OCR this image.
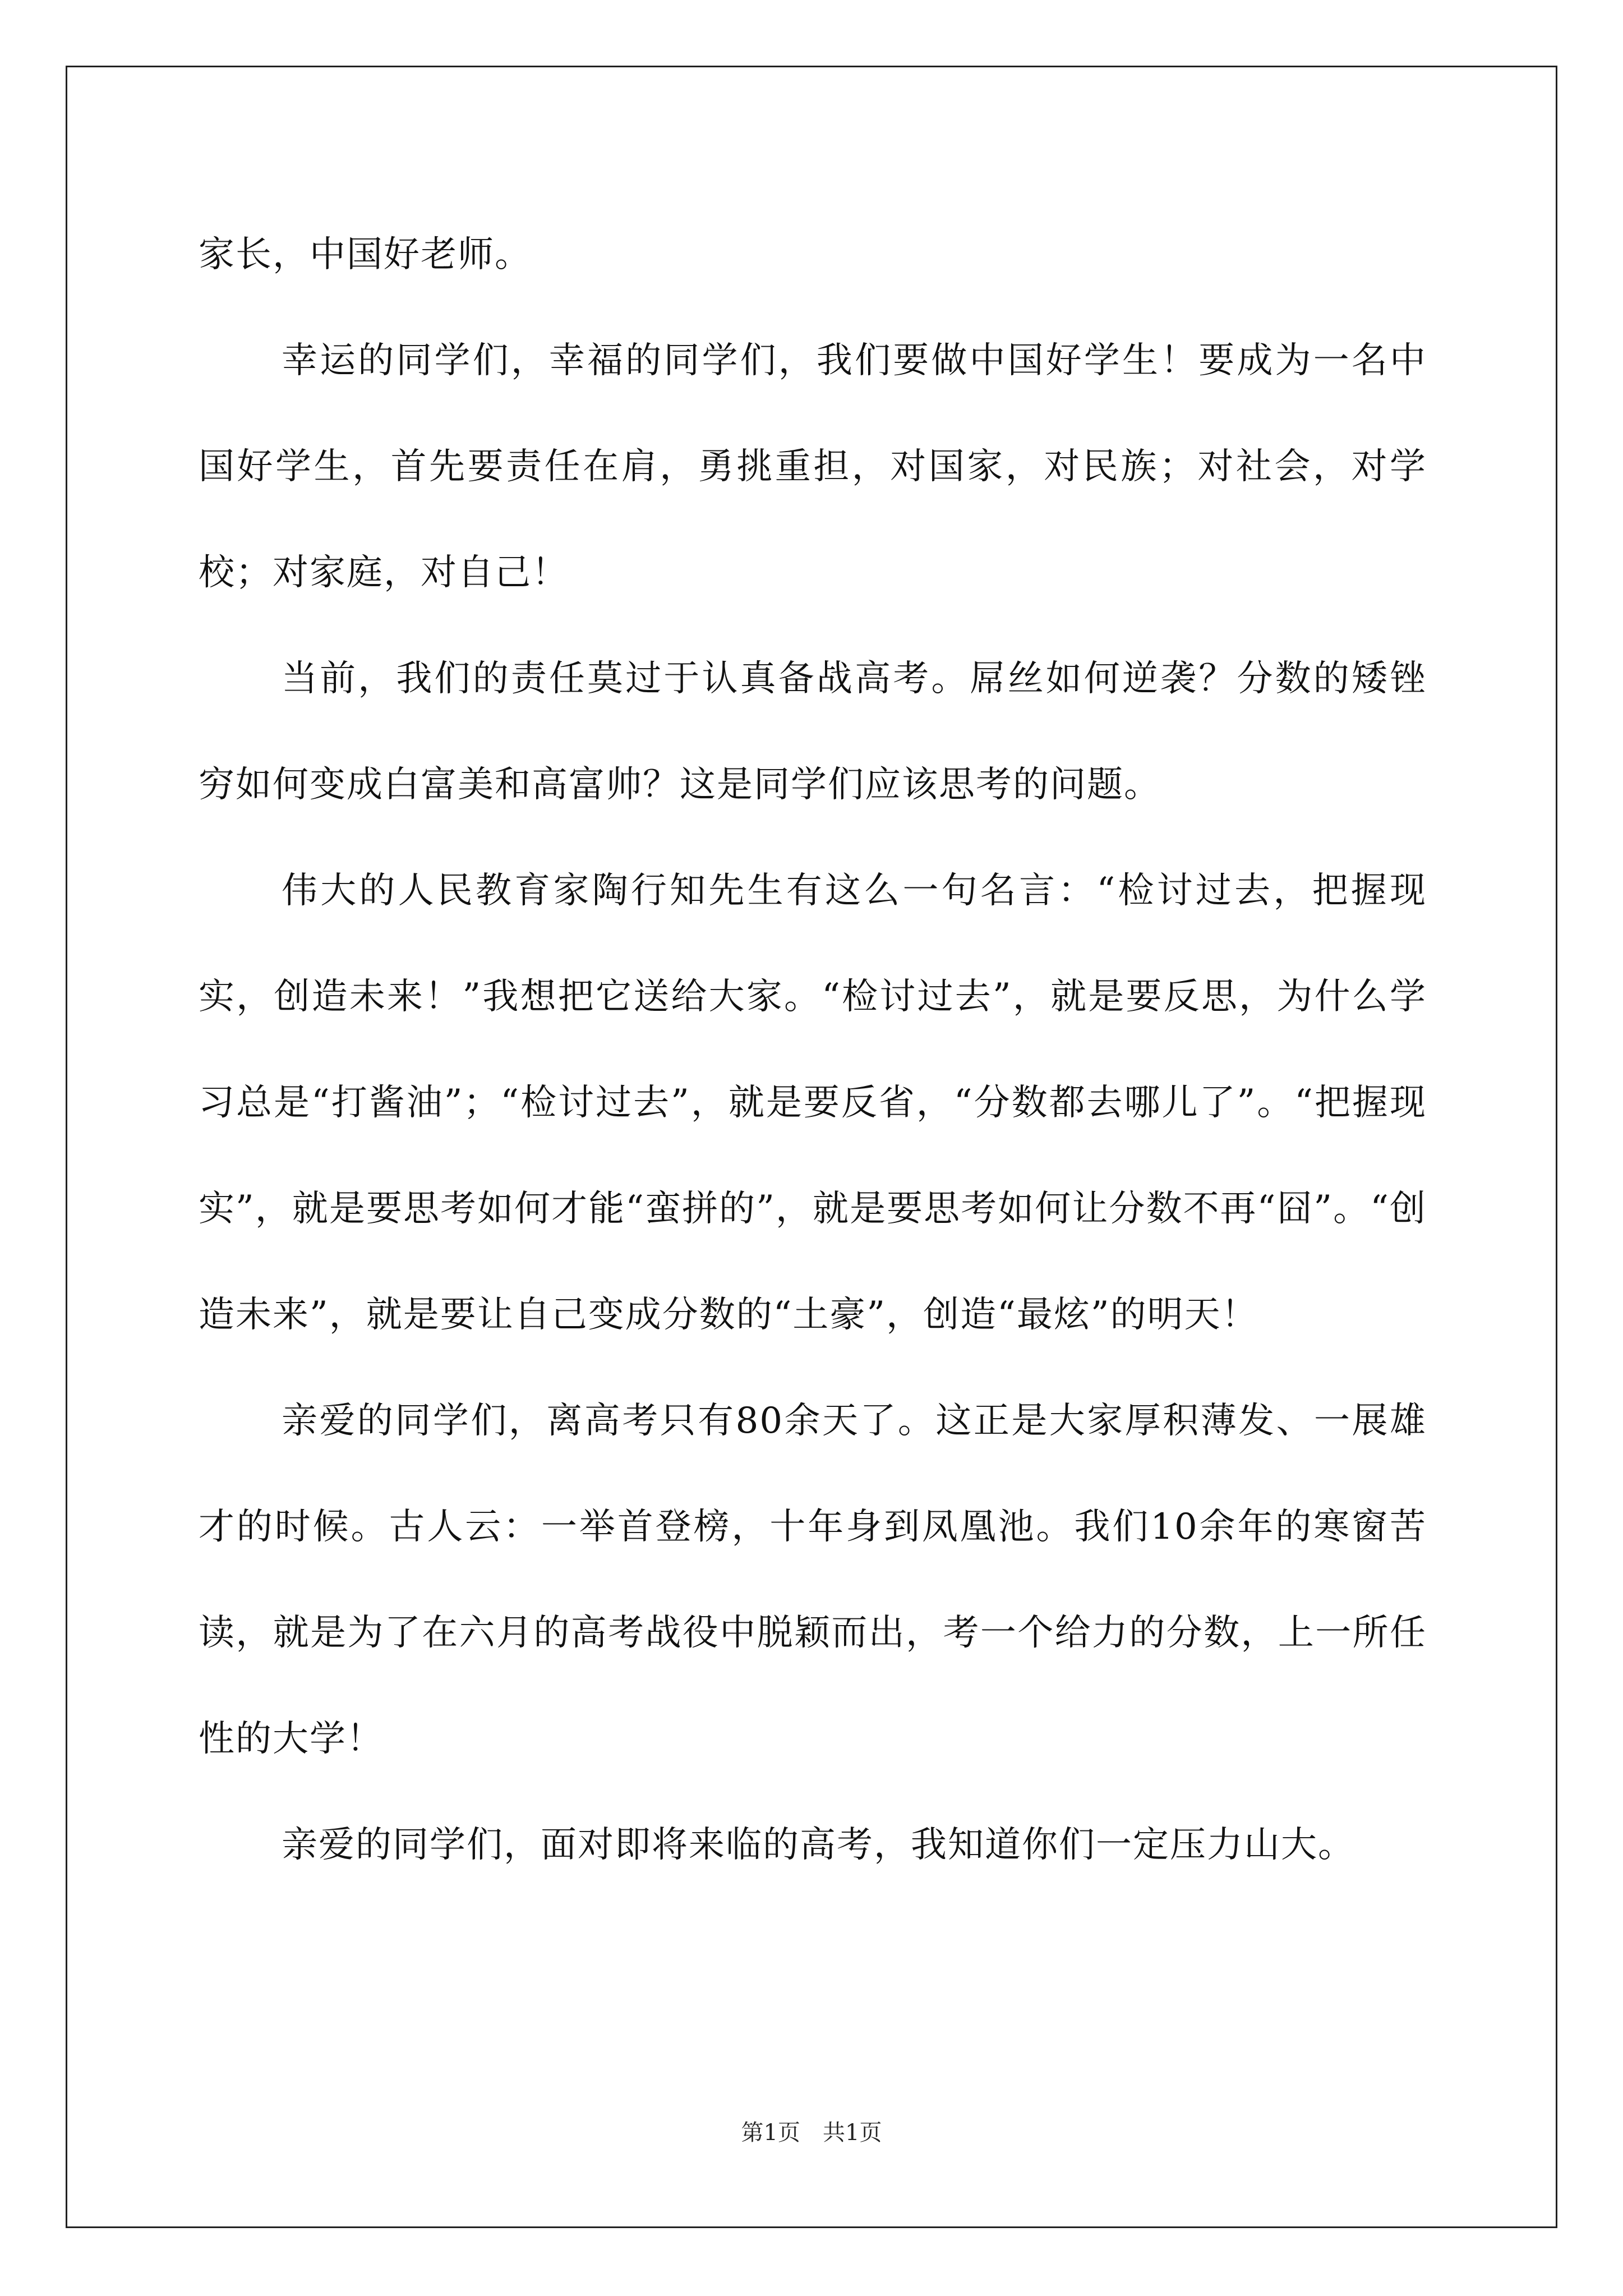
家长，中国好老师。

幸运的同学们，幸福的同学们，我们要做中国好学生！要成为一名中国好学生，首先要责任在肩，勇挑重担，对国家，对民族；对社会，对学校；对家庭，对自己！

当前，我们的责任莫过于认真备战高考。屌丝如何逆袭？分数的矮锉穷如何变成白富美和高富帅？这是同学们应该思考的问题。

伟大的人民教育家陶行知先生有这么一句名言：“检讨过去，把握现实，创造未来！”我想把它送给大家。“检讨过去”，就是要反思，为什么学习总是“打酱油”；“检讨过去”，就是要反省，“分数都去哪儿了”。“把握现实”，就是要思考如何才能“蛮拼的”，就是要思考如何让分数不再“囧”。“创造未来”，就是要让自己变成分数的“土豪”，创造“最炫”的明天！

亲爱的同学们，离高考只有80余天了。这正是大家厚积薄发、一展雄才的时候。古人云：一举首登榜，十年身到凤凰池。我们10余年的寒窗苦读，就是为了在六月的高考战役中脱颖而出，考一个给力的分数，上一所任性的大学！

亲爱的同学们，面对即将来临的高考，我知道你们一定压力山大。

第1页 共1页
